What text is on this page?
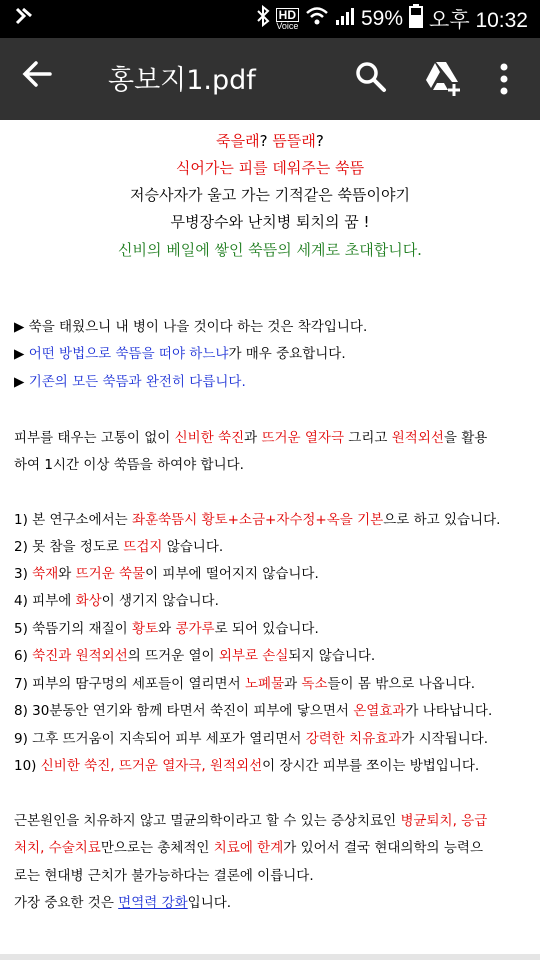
HD
Voice	59% 오후 10:32
홍보지1.pdf
죽을래? 뜸뜰래?
식어가는 피를 데워주는 쑥뜸
저승사자가 울고 가는 기적같은 쑥뜸이야기
무병장수와 난치병 퇴치의 꿈 !
신비의 베일에 쌓인 쑥뜸의 세계로 초대합니다.
▶ 쑥을 태웠으니 내 병이 나을 것이다 하는 것은 착각입니다.
▶ 어떤 방법으로 쑥뜸을 떠야 하느냐가 매우 중요합니다.
▶ 기존의 모든 쑥뜸과 완전히 다릅니다.
피부를 태우는 고통이 없이 신비한 쑥진과 뜨거운 열자극 그리고 원적외선을 활용
하여 1시간 이상 쑥뜸을 하여야 합니다.
1) 본 연구소에서는 좌훈쑥뜸시 황토+소금+자수정+옥을 기본으로 하고 있습니다.
2) 못 참을 정도로 뜨겁지 않습니다.
3) 쑥재와 뜨거운 쑥물이 피부에 떨어지지 않습니다.
4) 피부에 화상이 생기지 않습니다.
5) 쑥뜸기의 재질이 황토와 콩가루로 되어 있습니다.
6) 쑥진과 원적외선의 뜨거운 열이 외부로 손실되지 않습니다.
7) 피부의 땀구멍의 세포들이 열리면서 노폐물과 독소들이 몸 밖으로 나옵니다.
8) 30분동안 연기와 함께 타면서 쑥진이 피부에 닿으면서 온열효과가 나타납니다.
9) 그후 뜨거움이 지속되어 피부 세포가 열리면서 강력한 치유효과가 시작됩니다.
10) 신비한 쑥진, 뜨거운 열자극, 원적외선이 장시간 피부를 쪼이는 방법입니다.
근본원인을 치유하지 않고 멸균의학이라고 할 수 있는 증상치료인 병균퇴치, 응급
처치, 수술치료만으로는 총체적인 치료에 한계가 있어서 결국 현대의학의 능력으
로는 현대병 근치가 불가능하다는 결론에 이릅니다.
가장 중요한 것은 면역력 강화입니다.
